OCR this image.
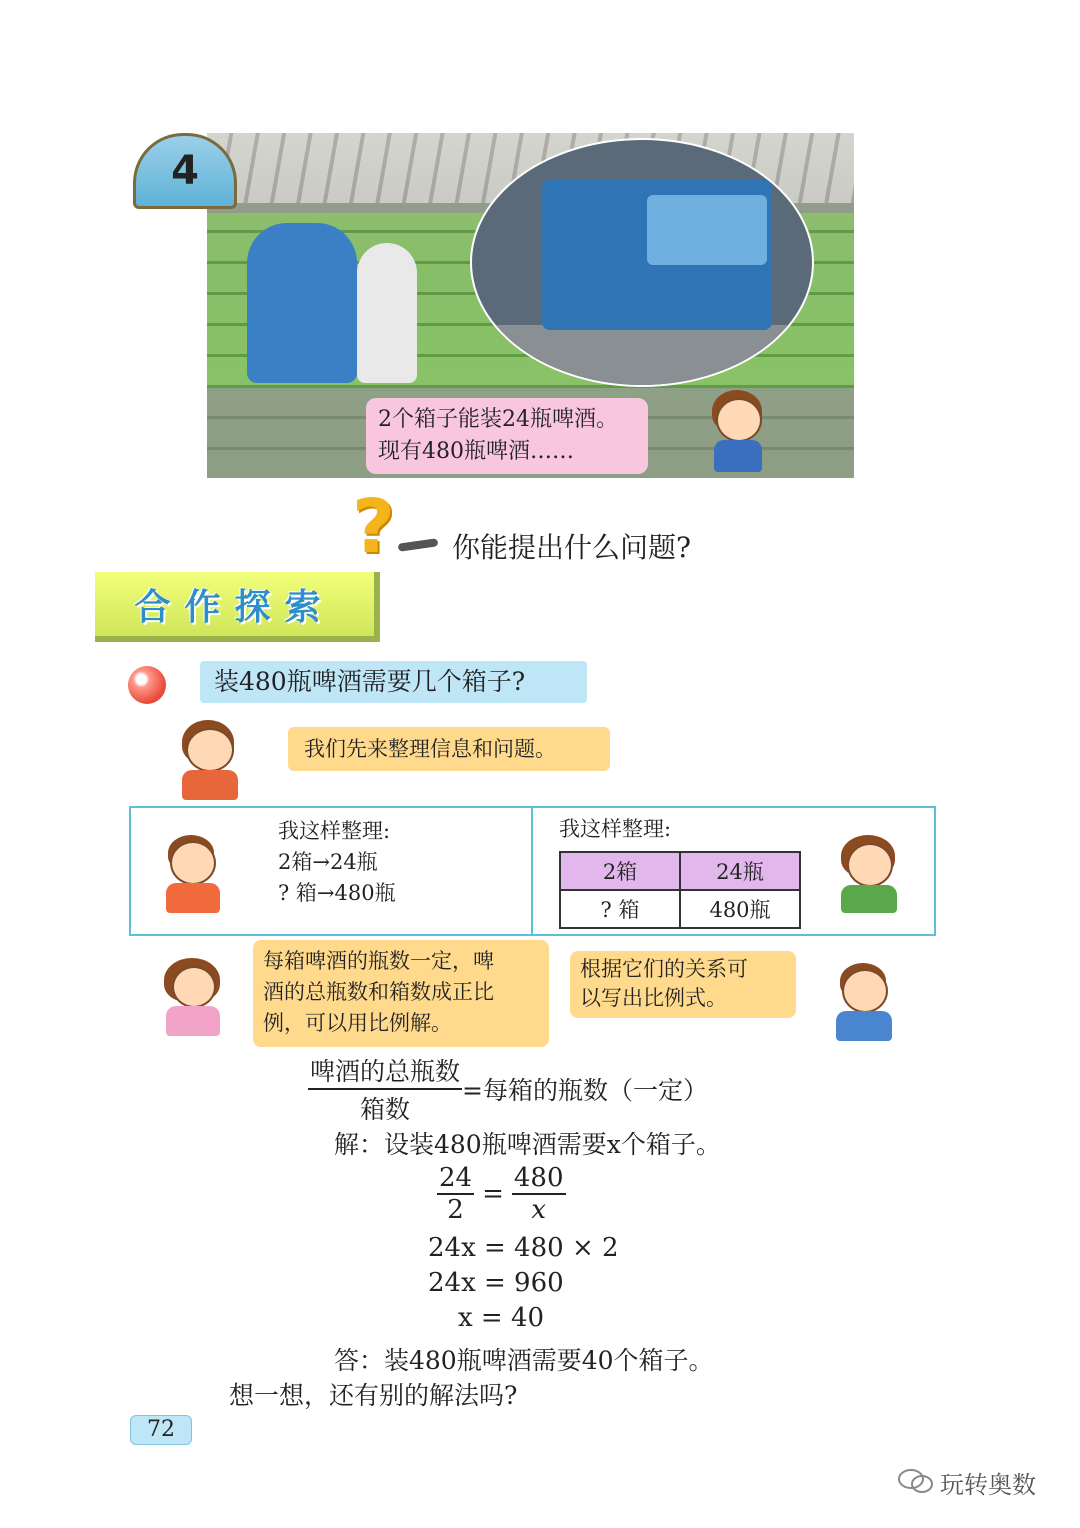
4
2个箱子能装24瓶啤酒。
现有480瓶啤酒……
?	你能提出什么问题?
合作探索
装480瓶啤酒需要几个箱子?
我们先来整理信息和问题。
我这样整理:
2箱→24瓶
? 箱→480瓶
我这样整理:
2箱	24瓶
? 箱	480瓶
每箱啤酒的瓶数一定，啤
酒的总瓶数和箱数成正比
例，可以用比例解。
根据它们的关系可
以写出比例式。
$\frac{\text{啤酒的总瓶数}}{\text{箱数}}$ =每箱的瓶数（一定）
解：设装480瓶啤酒需要x个箱子。
$\frac{24}{2} = \frac{480}{x}$
24x = 480 × 2
24x = 960
x = 40
答：装480瓶啤酒需要40个箱子。
想一想，还有别的解法吗?
72
玩转奥数
